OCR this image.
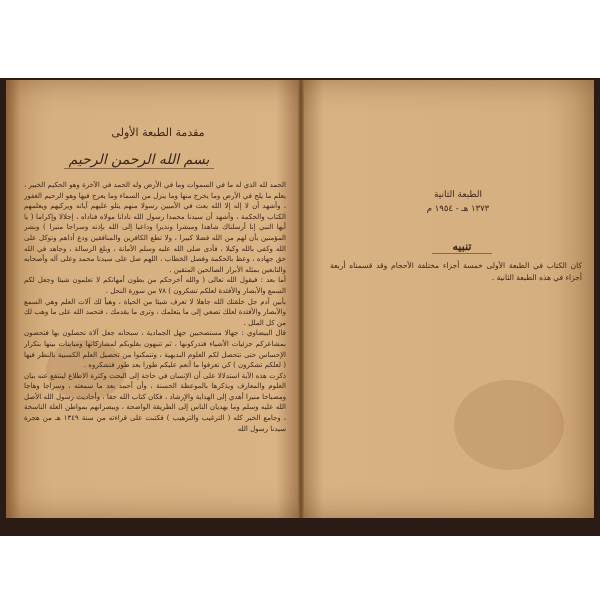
مقدمة الطبعة الأولى
بسم الله الرحمن الرحيم

الحمد لله الذي له ما في السموات وما في الأرض وله الحمد في الآخرة وهو الحكيم الخبير ، يعلم ما يلج في الأرض وما يخرج منها وما ينزل من السماء وما يعرج فيها وهو الرحيم الغفور ، وأشهد أن لا إله إلا الله بعث في الأميين رسولا منهم يتلو عليهم آياته ويزكيهم ويعلمهم الكتاب والحكمة ، وأشهد أن سيدنا محمدا رسول الله نادانا مولاه فناداه ، إجلالا وإكراما ( يا أيها النبي إنا أرسلناك شاهدا ومبشرا ونذيرا وداعيا إلى الله بإذنه وسراجا منيرا ) وبشر المؤمنين بأن لهم من الله فضلا كبيرا ، ولا تطع الكافرين والمنافقين ودع أذاهم وتوكل على الله وكفى بالله وكيلا ، فأدى صلى الله عليه وسلم الأمانة ، وبلغ الرسالة ، وجاهد في الله حق جهاده ، وعظ بالحكمة وفصل الخطاب ، اللهم صل على سيدنا محمد وعلى آله وأصحابه والتابعين بمثله الأبرار الصالحين المتقين .

أما بعد : فيقول الله تعالى ( والله أخرجكم من بطون أمهاتكم لا تعلمون شيئا وجعل لكم السمع والأبصار والأفئدة لعلكم تشكرون ) ٧٨ من سورة النحل .

بأبين آدم جل خلقتك الله جاهلا لا تعرف شيئا من الحياة ، وهيأ لك آلات العلم وهي السمع والأبصار والأفئدة لعلك تصغي إلى ما يتعلمك ، وترى ما يقدمك ، فتحمد الله على ما وهب لك من كل الملل .

قال البيضاوي : جهالا مستصحبين جهل الجمادية ، سبحانه جعل آلاة تحصلون بها فتحصون بمشاعركم جزئيات الأشياء فتدركونها ، ثم تنبهون بقلوبكم لمشاركاتها ومباينات بينها بتكرار الإحساس حتى تتحصل لكم العلوم البديهية ، وتتمكنوا من تحصيل العلم الكسبية بالنظر فيها ( لعلكم تشكرون ) كي تعرفوا ما أنعم عليكم طورا بعد طور فتشكروه .

ذكرت هذه الآية استدلالا على أن الإنسان في حاجة إلى البحث وكثرة الاطلاع لينتفع عنه بيان العلوم والمعارف ويذكرها بالموعظة الحسنة ، وأن أحمد بعد ما سمعته ، وسراجا وهاجا ومصباحا منيرا أهدي إلى الهداية والإرشاد ، فكان كتاب الله حقا ، وأحاديث رسول الله الأصل الله عليه وسلم وما يهديان الناس إلى الطريقة الواضحة ، ويبصرانهم بمواطن العلة الناسخة ، وجامع الخير كله ( الترغيب والترهيب ) فكتبت على قراءته من سنة ١٣٤٩ هـ من هجرة سيدنا رسول الله

الطبعة الثانية
١٣٧٣ هـ - ١٩٥٤ م
تنبيه
كان الكتاب في الطبعة الأولى خمسة أجزاء مختلفة الأحجام وقد قسمناه أربعة أجزاء في هذه الطبعة الثانية .
